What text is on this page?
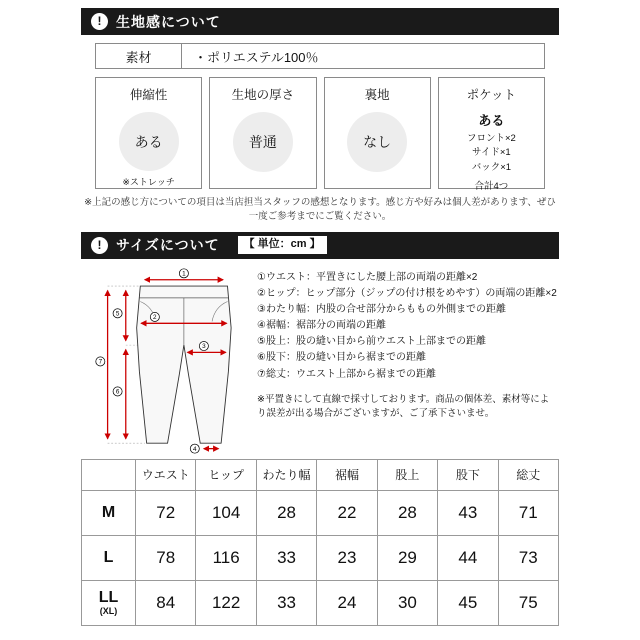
!	生地感について
素材	・ポリエステル100％
伸縮性
ある
※ストレッチ
生地の厚さ
普通
裏地
なし
ポケット
ある
フロント×2
サイド×1
バック×1
合計4つ

※上記の感じ方についての項目は当店担当スタッフの感想となります。感じ方や好みは個人差があります、ぜひ一度ご参考までにご覧ください。

!	サイズについて	【 単位：cm 】
1
2
3
4
5
6
7
①ウエスト：平置きにした腰上部の両端の距離×2
②ヒップ：ヒップ部分（ジップの付け根をめやす）の両端の距離×2
③わたり幅：内股の合せ部分からももの外側までの距離
④裾幅：裾部分の両端の距離
⑤股上：股の縫い目から前ウエスト上部までの距離
⑥股下：股の縫い目から裾までの距離
⑦総丈：ウエスト上部から裾までの距離

※平置きにして直線で採寸しております。商品の個体差、素材等により誤差が出る場合がございますが、ご了承下さいませ。

	ウエスト	ヒップ	わたり幅	裾幅	股上	股下	総丈

M	72	104	28	22	28	43	71

L	78	116	33	23	29	44	73

LL
(XL)	84	122	33	24	30	45	75
